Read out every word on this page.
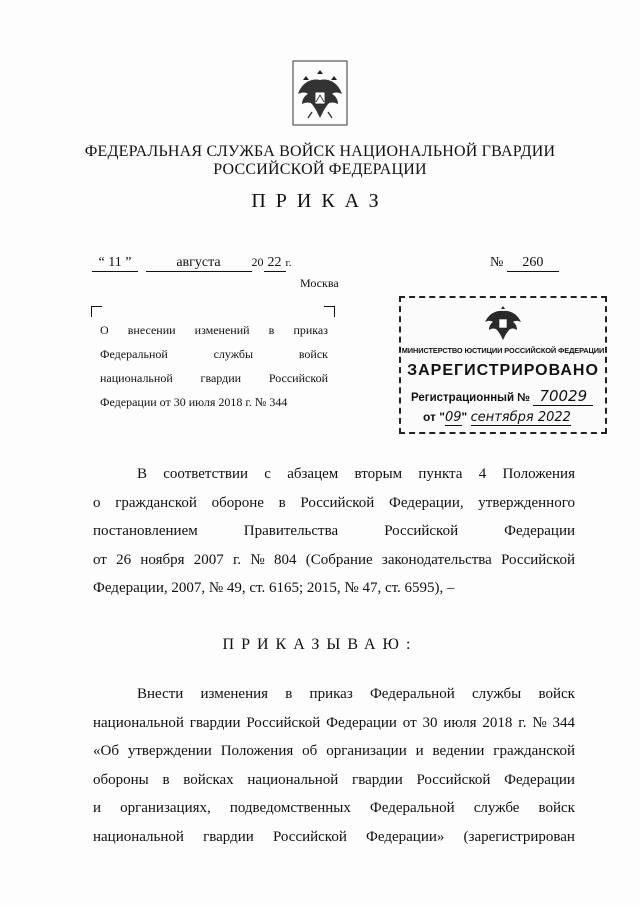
ФЕДЕРАЛЬНАЯ СЛУЖБА ВОЙСК НАЦИОНАЛЬНОЙ ГВАРДИИ
РОССИЙСКОЙ ФЕДЕРАЦИИ
ПРИКАЗ
“ 11 ”	августа	20 22 г.	№ 260
Москва
О внесении изменений в приказ
Федеральной	службы	войск
национальной гвардии Российской
Федерации от 30 июля 2018 г. № 344
МИНИСТЕРСТВО ЮСТИЦИИ РОССИЙСКОЙ ФЕДЕРАЦИИ
ЗАРЕГИСТРИРОВАНО
Регистрационный № 70029
от "09" сентября 2022
В соответствии с абзацем вторым пункта 4 Положения
о гражданской обороне в Российской Федерации, утвержденного
постановлением	Правительства	Российской	Федерации
от 26 ноября 2007 г. № 804 (Собрание законодательства Российской
Федерации, 2007, № 49, ст. 6165; 2015, № 47, ст. 6595), –
ПРИКАЗЫВАЮ:
Внести изменения в приказ Федеральной службы войск
национальной гвардии Российской Федерации от 30 июля 2018 г. № 344
«Об утверждении Положения об организации и ведении гражданской
обороны в войсках национальной гвардии Российской Федерации
и организациях, подведомственных Федеральной службе войск
национальной гвардии Российской Федерации» (зарегистрирован
